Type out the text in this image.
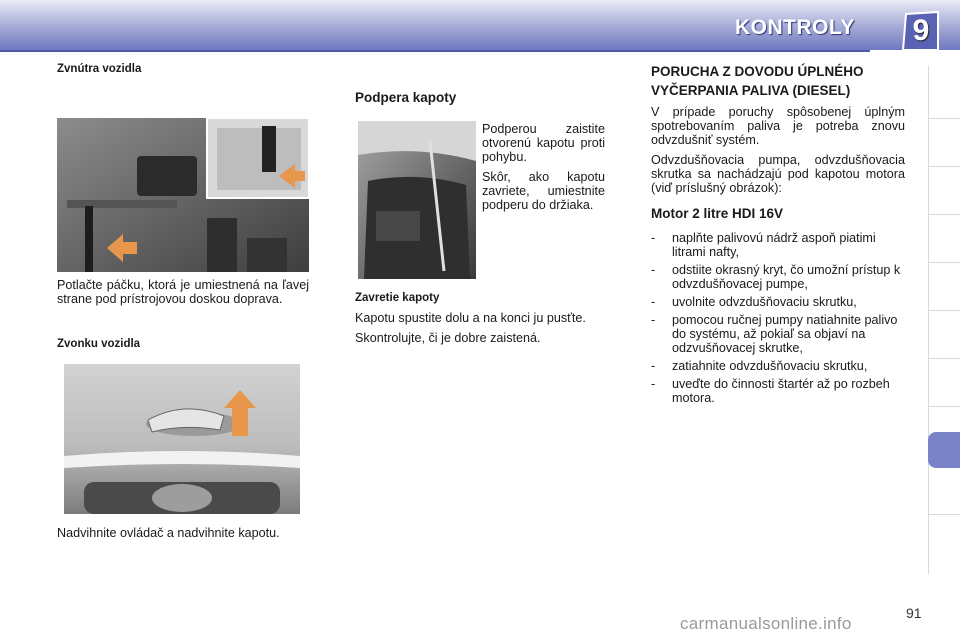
KONTROLY	9
Zvnútra vozidla

Potlačte páčku, ktorá je umiestnená na ľavej strane pod prístrojovou doskou doprava.

Zvonku vozidla

Nadvihnite ovládač a nadvihnite kapotu.

Podpera kapoty

Podperou zaistite otvorenú kapotu proti pohybu.

Skôr, ako kapotu zavriete, umiestnite podperu do držiaka.

Zavretie kapoty

Kapotu spustite dolu a na konci ju pusťte.

Skontrolujte, či je dobre zaistená.

PORUCHA Z DOVODU ÚPLNÉHO VYČERPANIA PALIVA (DIESEL)

V prípade poruchy spôsobenej úplným spotrebovaním paliva je potreba znovu odvzdušniť systém.

Odvzdušňovacia pumpa, odvzdušňovacia skrutka sa nachádzajú pod kapotou motora (viď príslušný obrázok):

Motor 2 litre HDI 16V
- naplňte palivovú nádrž aspoň piatimi litrami nafty,
- odstiite okrasný kryt, čo umožní prístup k odvzdušňovacej pumpe,
- uvolnite odvzdušňovaciu skrutku,
- pomocou ručnej pumpy natiahnite palivo do systému, až pokiaľ sa objaví na odzvušňovacej skrutke,
- zatiahnite odvzdušňovaciu skrutku,
- uveďte do činnosti štartér až po rozbeh motora.
91
carmanualsonline.info
